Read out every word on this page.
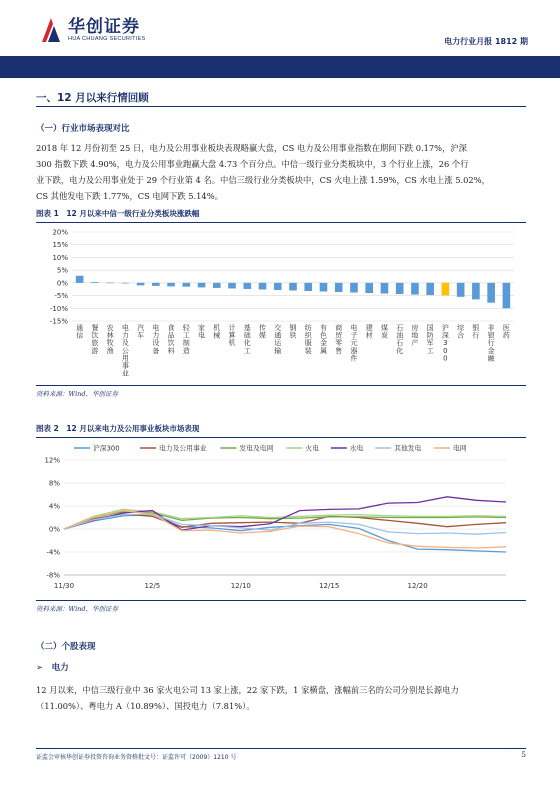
华创证券
HUA CHUANG SECURITIES	电力行业月报 1812 期
一、12 月以来行情回顾
（一）行业市场表现对比
2018 年 12 月份初至 25 日，电力及公用事业板块表现略赢大盘，CS 电力及公用事业指数在期间下跌 0.17%，沪深
300 指数下跌 4.90%，电力及公用事业跑赢大盘 4.73 个百分点。中信一级行业分类板块中，3 个行业上涨，26 个行
业下跌，电力及公用事业处于 29 个行业第 4 名。中信三级行业分类板块中，CS 火电上涨 1.59%，CS 水电上涨 5.02%，
CS 其他发电下跌 1.77%，CS 电网下跌 5.14%。
图表 1　12 月以来中信一级行业分类板块涨跌幅
20%
15%
10%
5%
0%
-5%
-10%
-15%
通
信
餐
饮
旅
游
农
林
牧
渔
电
力
及
公
用
事
业
汽
车
电
力
设
备
食
品
饮
料
轻
工
制
造
家
电
机
械
计
算
机
基
础
化
工
传
媒
交
通
运
输
钢
铁
纺
织
服
装
有
色
金
属
商
贸
零
售
电
子
元
器
件
建
材
煤
炭
石
油
石
化
房
地
产
国
防
军
工
沪
深
3
0
0
综
合
银
行
非
银
行
金
融
医
药
资料来源：Wind、华创证券
图表 2　12 月以来电力及公用事业板块市场表现
12%
8%
4%
0%
-4%
-8%
11/30	12/5	12/10	12/15	12/20
沪深300	电力及公用事业	发电及电网	火电	水电	其他发电	电网
资料来源：Wind、华创证券
（二）个股表现
➢　电力
12 月以来，中信三级行业中 36 家火电公司 13 家上涨，22 家下跌，1 家横盘，涨幅前三名的公司分别是长源电力
（11.00%）、粤电力 A（10.89%）、国投电力（7.81%）。
证监会审核华创证券投资咨询业务资格批文号：证监许可（2009）1210 号	5
